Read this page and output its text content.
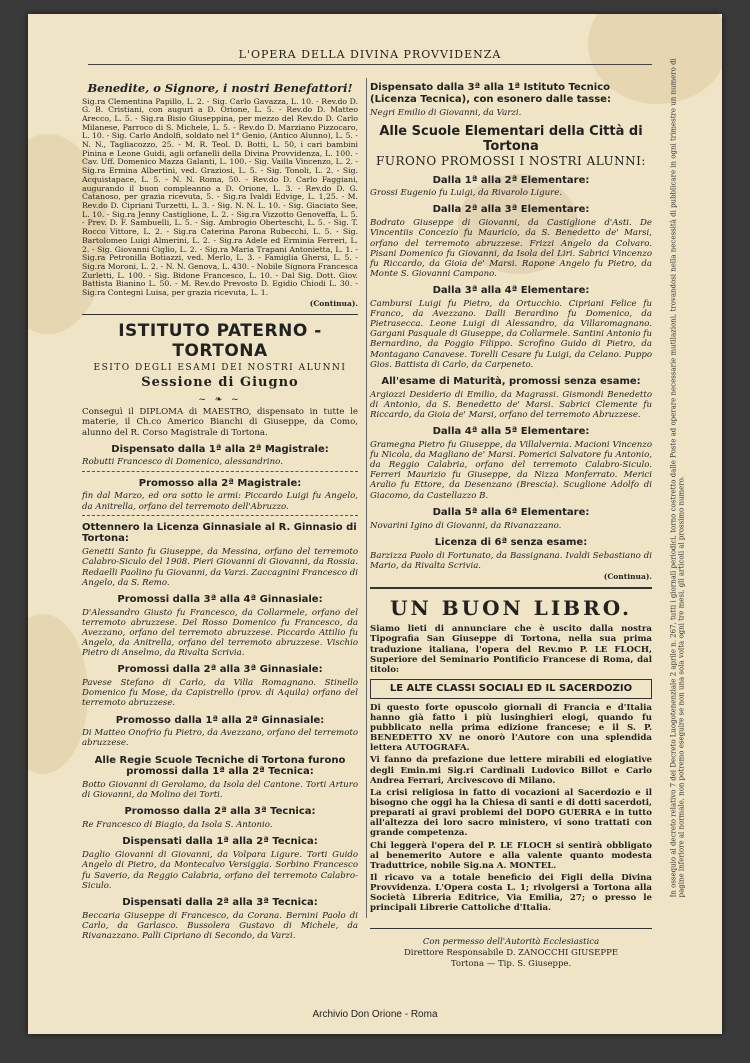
L'OPERA DELLA DIVINA PROVVIDENZA
Benedite, o Signore, i nostri Benefattori!

Sig.ra Clementina Papillo, L. 2. - Sig. Carlo Gavazza, L. 10. - Rev.do D. G. B. Cristiani, con auguri a D. Orione, L. 5. - Rev.do D. Matteo Arecco, L. 5. - Sig.ra Bisio Giuseppina, per mezzo del Rev.do D. Carlo Milanese, Parroco di S. Michele, L. 5. - Rev.do D. Marziano Pizzocaro, L. 10. - Sig. Carlo Andolfi, soldato nel 1° Genio, (Antico Alunno), L. 5. - N. N., Tagliacozzo, 25. - M. R. Teol. D. Botti, L. 50, i cari bambini Pinina e Leone Guidi, agli orfanelli della Divina Provvidenza, L. 100. - Cav. Uff. Domenico Mazza Galanti, L. 100. - Sig. Vailla Vincenzo, L. 2. - Sig.ra Ermina Albertini, ved. Graziosi, L. 5. - Sig. Tonoli, L. 2. - Sig. Acquistapace, L. 5. - N. N. Roma, 50. - Rev.do D. Carlo Faggiani, augurando il buon compleanno a D. Orione, L. 3. - Rev.do D. G. Catanoso, per grazia ricevuta, 5. - Sig.ra Ivaldi Edvige, L. 1,25. - M. Rev.do D. Cipriani Turzetti, L. 3. - Sig. N. N. L. 10. - Sig. Giaciato See, L. 10. - Sig.ra Jenny Castiglione, L. 2. - Sig.ra Vizzotto Genoveffa, L. 5. - Prev. D. F. Sambuelli, L. 5. - Sig. Ambrogio Oberteschi, L. 5. - Sig. T. Rocco Vittore, L. 2. - Sig.ra Caterina Parona Rubecchi, L. 5. - Sig. Bartolomeo Luigi Almerini, L. 2. - Sig.ra Adele ed Erminia Ferreri, L. 2. - Sig. Giovanni Ciglio, L. 2. - Sig.ra Maria Trapani Antonietta, L. 1. - Sig.ra Petronilla Botiazzi, ved. Merlo, L. 3. - Famiglia Ghersi, L. 5. - Sig.ra Moroni, L. 2. - N. N. Genova, L. 430. - Nobile Signora Francesca Zurletti, L. 100. - Sig. Bidone Francesco, L. 10. - Dal Sig. Dott. Giov. Battista Bianino L. 50. - M. Rev.do Prevosto D. Egidio Chiodi L. 30. - Sig.ra Contegni Luisa, per grazia ricevuta, L. 1.

(Continua).
ISTITUTO PATERNO - TORTONA
ESITO DEGLI ESAMI DEI NOSTRI ALUNNI
Sessione di Giugno
~ ❧ ~

Conseguì il DIPLOMA di MAESTRO, dispensato in tutte le materie, il Ch.co Americo Bianchi di Giuseppe, da Como, alunno del R. Corso Magistrale di Tortona.

Dispensato dalla 1ª alla 2ª Magistrale:

Robutti Francesco di Domenico, alessandrino.

Promosso alla 2ª Magistrale:

fin dal Marzo, ed ora sotto le armi: Piccardo Luigi fu Angelo, da Anitrella, orfano del terremoto dell'Abruzzo.

Ottennero la Licenza Ginnasiale al R. Ginnasio di Tortona:

Genetti Santo fu Giuseppe, da Messina, orfano del terremoto Calabro-Siculo del 1908. Pieri Giovanni di Giovanni, da Rossia. Redaelli Paolino fu Giovanni, da Varzi. Zaccagnini Francesco di Angelo, da S. Remo.

Promossi dalla 3ª alla 4ª Ginnasiale:

D'Alessandro Giusto fu Francesco, da Collarmele, orfano del terremoto abruzzese. Del Rosso Domenico fu Francesco, da Avezzano, orfano del terremoto abruzzese. Piccardo Attilio fu Angelo, da Anitrella, orfano del terremoto abruzzese. Vischio Pietro di Anselmo, da Rivalta Scrivia.

Promossi dalla 2ª alla 3ª Ginnasiale:

Pavese Stefano di Carlo, da Villa Romagnano. Stinello Domenico fu Mose, da Capistrello (prov. di Aquila) orfano del terremoto abruzzese.

Promosso dalla 1ª alla 2ª Ginnasiale:

Di Matteo Onofrio fu Pietro, da Avezzano, orfano del terremoto abruzzese.

Alle Regie Scuole Tecniche di Tortona furono promossi dalla 1ª alla 2ª Tecnica:

Botto Giovanni di Gerolamo, da Isola del Cantone. Torti Arturo di Giovanni, da Molino dei Torti.

Promosso dalla 2ª alla 3ª Tecnica:

Re Francesco di Biagio, da Isola S. Antonio.

Dispensati dalla 1ª alla 2ª Tecnica:

Daglio Giovanni di Giovanni, da Volpara Ligure. Torti Guido Angelo di Pietro, da Montecalvo Versiggia. Sorbino Francesco fu Saverio, da Reggio Calabria, orfano del terremoto Calabro-Siculo.

Dispensati dalla 2ª alla 3ª Tecnica:

Beccaria Giuseppe di Francesco, da Corana. Bernini Paolo di Carlo, da Garlasco. Bussolera Gustavo di Michele, da Rivanazzano. Palli Cipriano di Secondo, da Varzi.

Dispensato dalla 3ª alla 1ª Istituto Tecnico (Licenza Tecnica), con esonero dalle tasse:

Negri Emilio di Giovanni, da Varzi.

Alle Scuole Elementari della Città di Tortona
FURONO PROMOSSI I NOSTRI ALUNNI:
Dalla 1ª alla 2ª Elementare:

Grossi Eugenio fu Luigi, da Rivarolo Ligure.

Dalla 2ª alla 3ª Elementare:

Bodrato Giuseppe di Giovanni, da Castiglione d'Asti. De Vincentiis Concezio fu Mauricio, da S. Benedetto de' Marsi, orfano del terremoto abruzzese. Frizzi Angelo da Colvaro. Pisani Domenico fu Giovanni, da Isola del Liri. Sabrici Vincenzo fu Riccardo, da Gioia de' Marsi. Rapone Angelo fu Pietro, da Monte S. Giovanni Campano.

Dalla 3ª alla 4ª Elementare:

Cambursi Luigi fu Pietro, da Ortucchio. Cipriani Felice fu Franco, da Avezzano. Dalli Berardino fu Domenico, da Pietrasecca. Leone Luigi di Alessandro, da Villaromagnano. Gargani Pasquale di Giuseppe, da Collarmele. Santini Antonio fu Bernardino, da Poggio Filippo. Scrofino Guido di Pietro, da Montagano Canavese. Torelli Cesare fu Luigi, da Celano. Puppo Gios. Battista di Carlo, da Carpeneto.

All'esame di Maturità, promossi senza esame:

Argiozzi Desiderio di Emilio, da Magrassi. Gismondi Benedetto di Antonio, da S. Benedetto de' Marsi. Sabrici Clemente fu Riccardo, da Gioia de' Marsi, orfano del terremoto Abruzzese.

Dalla 4ª alla 5ª Elementare:

Gramegna Pietro fu Giuseppe, da Villalvernia. Macioni Vincenzo fu Nicola, da Magliano de' Marsi. Pomerici Salvatore fu Antonio, da Reggio Calabria, orfano del terremoto Calabro-Siculo. Ferreri Maurizio fu Giuseppe, da Nizza Monferrato. Merici Aralio fu Ettore, da Desenzano (Brescia). Scuglione Adolfo di Giacomo, da Castellazzo B.

Dalla 5ª alla 6ª Elementare:

Novarini Igino di Giovanni, da Rivanazzano.

Licenza di 6ª senza esame:

Barzizza Paolo di Fortunato, da Bassignana. Ivaldi Sebastiano di Mario, da Rivalta Scrivia.

(Continua).
UN BUON LIBRO.

Siamo lieti di annunciare che è uscito dalla nostra Tipografia San Giuseppe di Tortona, nella sua prima traduzione italiana, l'opera del Rev.mo P. LE FLOCH, Superiore del Seminario Pontificio Francese di Roma, dal titolo:

LE ALTE CLASSI SOCIALI ED IL SACERDOZIO

Di questo forte opuscolo giornali di Francia e d'Italia hanno già fatto i più lusinghieri elogi, quando fu pubblicato nella prima edizione francese; e il S. P. BENEDETTO XV ne onorò l'Autore con una splendida lettera AUTOGRAFA.

Vi fanno da prefazione due lettere mirabili ed elogiative degli Emin.mi Sig.ri Cardinali Ludovico Billot e Carlo Andrea Ferrari, Arcivescovo di Milano.

La crisi religiosa in fatto di vocazioni al Sacerdozio e il bisogno che oggi ha la Chiesa di santi e di dotti sacerdoti, preparati ai gravi problemi del DOPO GUERRA e in tutto all'altezza dei loro sacro ministero, vi sono trattati con grande competenza.

Chi leggerà l'opera del P. LE FLOCH si sentirà obbligato al benemerito Autore e alla valente quanto modesta Traduttrice, nobile Sig.na A. MONTEL.

Il ricavo va a totale beneficio dei Figli della Divina Provvidenza. L'Opera costa L. 1; rivolgersi a Tortona alla Società Libreria Editrice, Via Emilia, 27; o presso le principali Librerie Cattoliche d'Italia.

Con permesso dell'Autorità Ecclesiastica
Direttore Responsabile D. ZANOCCHI GIUSEPPE
Tortona — Tip. S. Giuseppe.
In ossequio al decreto relativo 7 del Decreto Luogotenenziale 2 aprile n. 267, tutti i giornali periodici, torno costretto dalle Poste ad operare necessarie mutilazioni, trovandosi nella necessità di pubblicare in ogni trimestre un numero di pagine inferiore al normale, non potremo eseguire se non una sola volta ogni tre mesi, gli articoli al prossimo numero.
Archivio Don Orione - Roma
